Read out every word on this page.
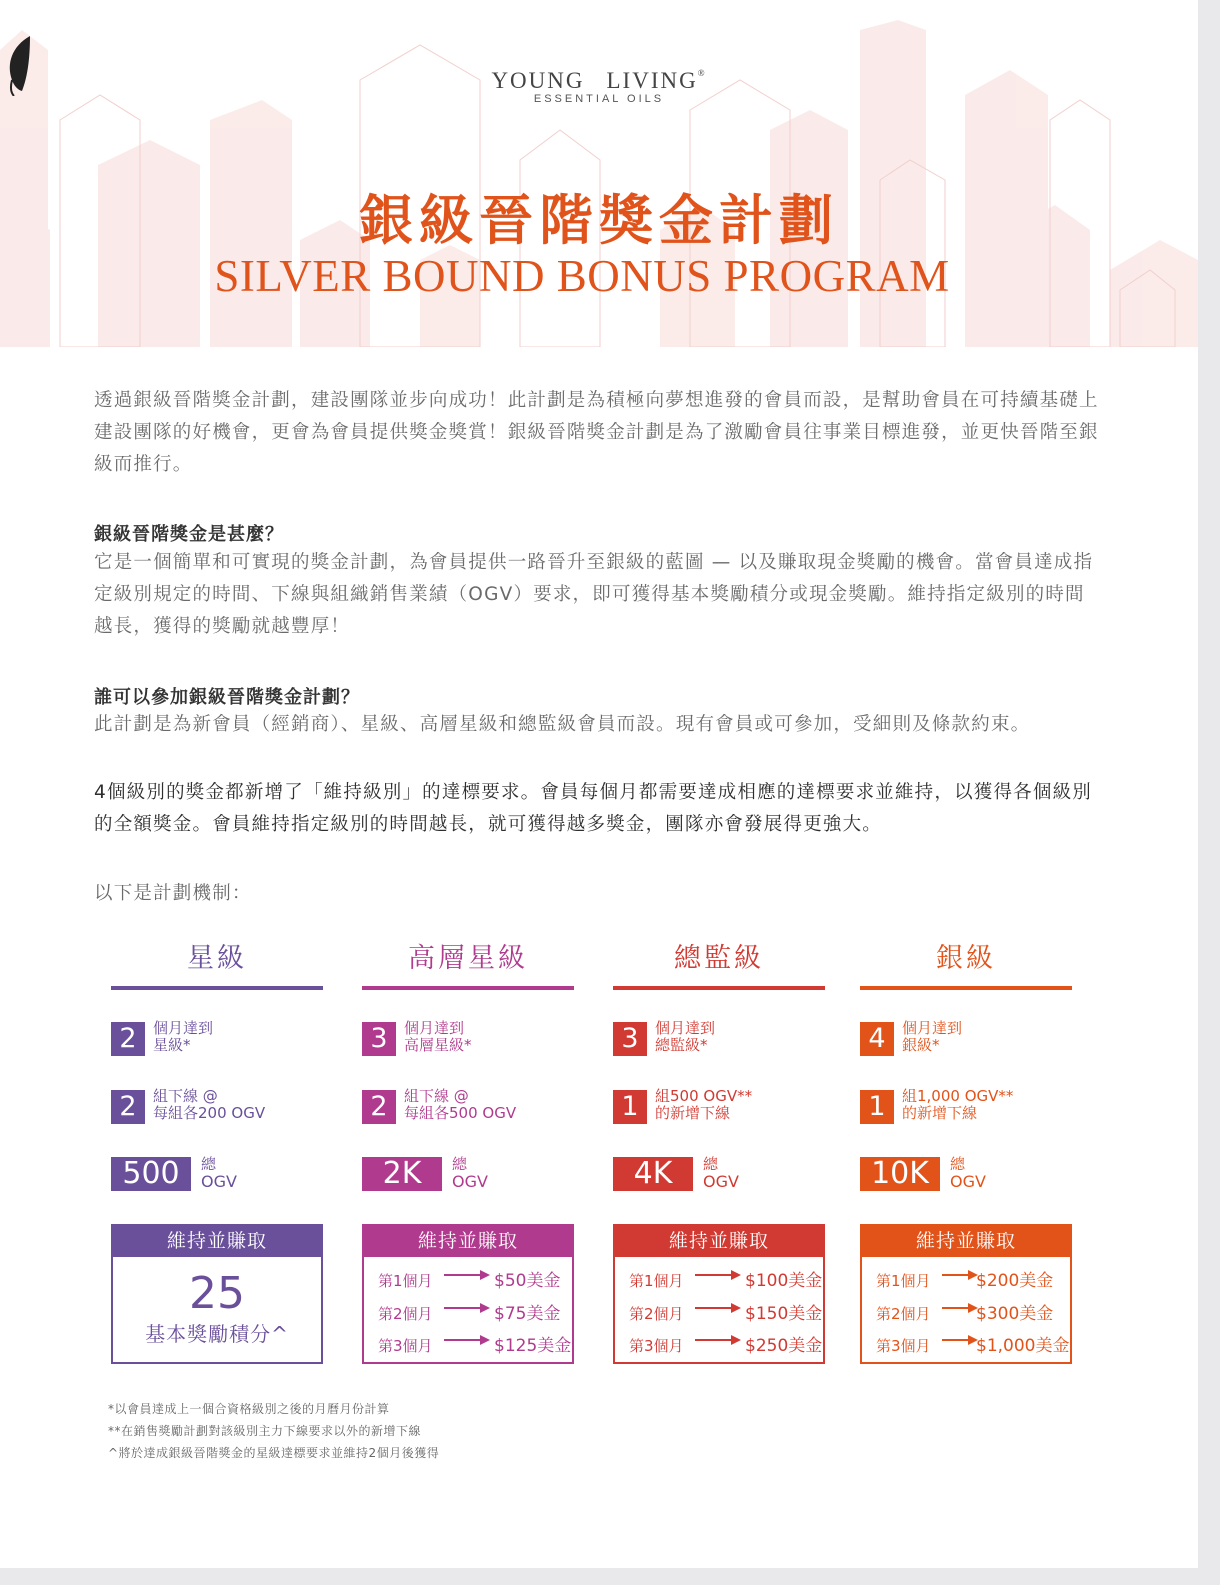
YOUNG LIVING®
ESSENTIAL OILS
銀級晉階獎金計劃
SILVER BOUND BONUS PROGRAM

透過銀級晉階獎金計劃，建設團隊並步向成功！此計劃是為積極向夢想進發的會員而設，是幫助會員在可持續基礎上建設團隊的好機會，更會為會員提供獎金獎賞！銀級晉階獎金計劃是為了激勵會員往事業目標進發，並更快晉階至銀級而推行。

銀級晉階獎金是甚麼？

它是一個簡單和可實現的獎金計劃，為會員提供一路晉升至銀級的藍圖 — 以及賺取現金獎勵的機會。當會員達成指定級別規定的時間、下線與組織銷售業績（OGV）要求，即可獲得基本獎勵積分或現金獎勵。維持指定級別的時間越長，獲得的獎勵就越豐厚！

誰可以參加銀級晉階獎金計劃？

此計劃是為新會員（經銷商）、星級、高層星級和總監級會員而設。現有會員或可參加，受細則及條款約束。

4個級別的獎金都新增了「維持級別」的達標要求。會員每個月都需要達成相應的達標要求並維持，以獲得各個級別的全額獎金。會員維持指定級別的時間越長，就可獲得越多獎金，團隊亦會發展得更強大。

以下是計劃機制：

星級
2	個月達到
星級*
2	組下線 @
每組各200 OGV
500	總
OGV
維持並賺取
25
基本獎勵積分^
高層星級
3	個月達到
高層星級*
2	組下線 @
每組各500 OGV
2K	總
OGV
維持並賺取
第1個月	$50美金
第2個月	$75美金
第3個月	$125美金
總監級
3	個月達到
總監級*
1	組500 OGV**
的新增下線
4K	總
OGV
維持並賺取
第1個月	$100美金
第2個月	$150美金
第3個月	$250美金
銀級
4	個月達到
銀級*
1	組1,000 OGV**
的新增下線
10K	總
OGV
維持並賺取
第1個月	$200美金
第2個月	$300美金
第3個月	$1,000美金
*以會員達成上一個合資格級別之後的月曆月份計算
**在銷售獎勵計劃對該級別主力下線要求以外的新增下線
^將於達成銀級晉階獎金的星級達標要求並維持2個月後獲得
